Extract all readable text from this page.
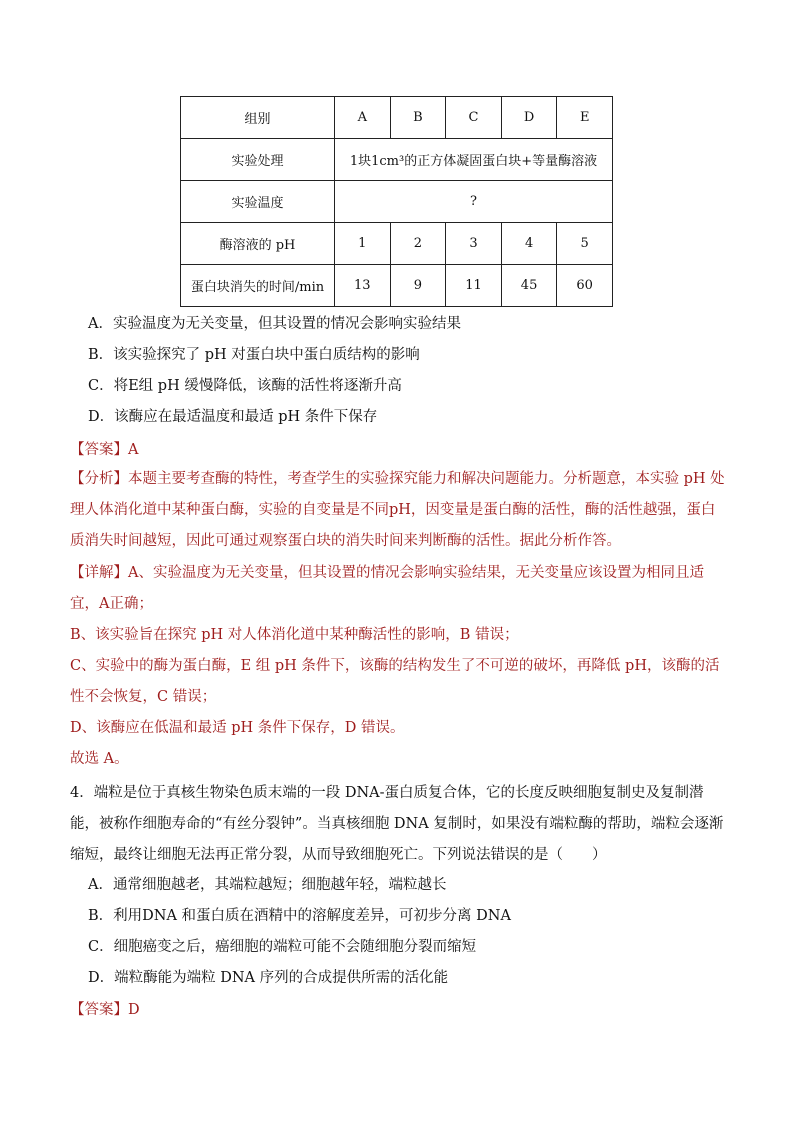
组别	A	B	C	D	E
实验处理	1块1cm³的正方体凝固蛋白块+等量酶溶液				
实验温度	?				
酶溶液的 pH	1	2	3	4	5
蛋白块消失的时间/min	13	9	11	45	60
A．实验温度为无关变量，但其设置的情况会影响实验结果
B．该实验探究了 pH 对蛋白块中蛋白质结构的影响
C．将E组 pH 缓慢降低，该酶的活性将逐渐升高
D．该酶应在最适温度和最适 pH 条件下保存
【答案】A
【分析】本题主要考查酶的特性，考查学生的实验探究能力和解决问题能力。分析题意，本实验 pH 处理人体消化道中某种蛋白酶，实验的自变量是不同pH，因变量是蛋白酶的活性，酶的活性越强，蛋白质消失时间越短，因此可通过观察蛋白块的消失时间来判断酶的活性。据此分析作答。
【详解】A、实验温度为无关变量，但其设置的情况会影响实验结果，无关变量应该设置为相同且适宜，A正确；
B、该实验旨在探究 pH 对人体消化道中某种酶活性的影响，B 错误；
C、实验中的酶为蛋白酶，E 组 pH 条件下，该酶的结构发生了不可逆的破坏，再降低 pH，该酶的活性不会恢复，C 错误；
D、该酶应在低温和最适 pH 条件下保存，D 错误。
故选 A。
4．端粒是位于真核生物染色质末端的一段 DNA-蛋白质复合体，它的长度反映细胞复制史及复制潜能，被称作细胞寿命的“有丝分裂钟”。当真核细胞 DNA 复制时，如果没有端粒酶的帮助，端粒会逐渐缩短，最终让细胞无法再正常分裂，从而导致细胞死亡。下列说法错误的是（　　）
A．通常细胞越老，其端粒越短；细胞越年轻，端粒越长
B．利用DNA 和蛋白质在酒精中的溶解度差异，可初步分离 DNA
C．细胞癌变之后，癌细胞的端粒可能不会随细胞分裂而缩短
D．端粒酶能为端粒 DNA 序列的合成提供所需的活化能
【答案】D
